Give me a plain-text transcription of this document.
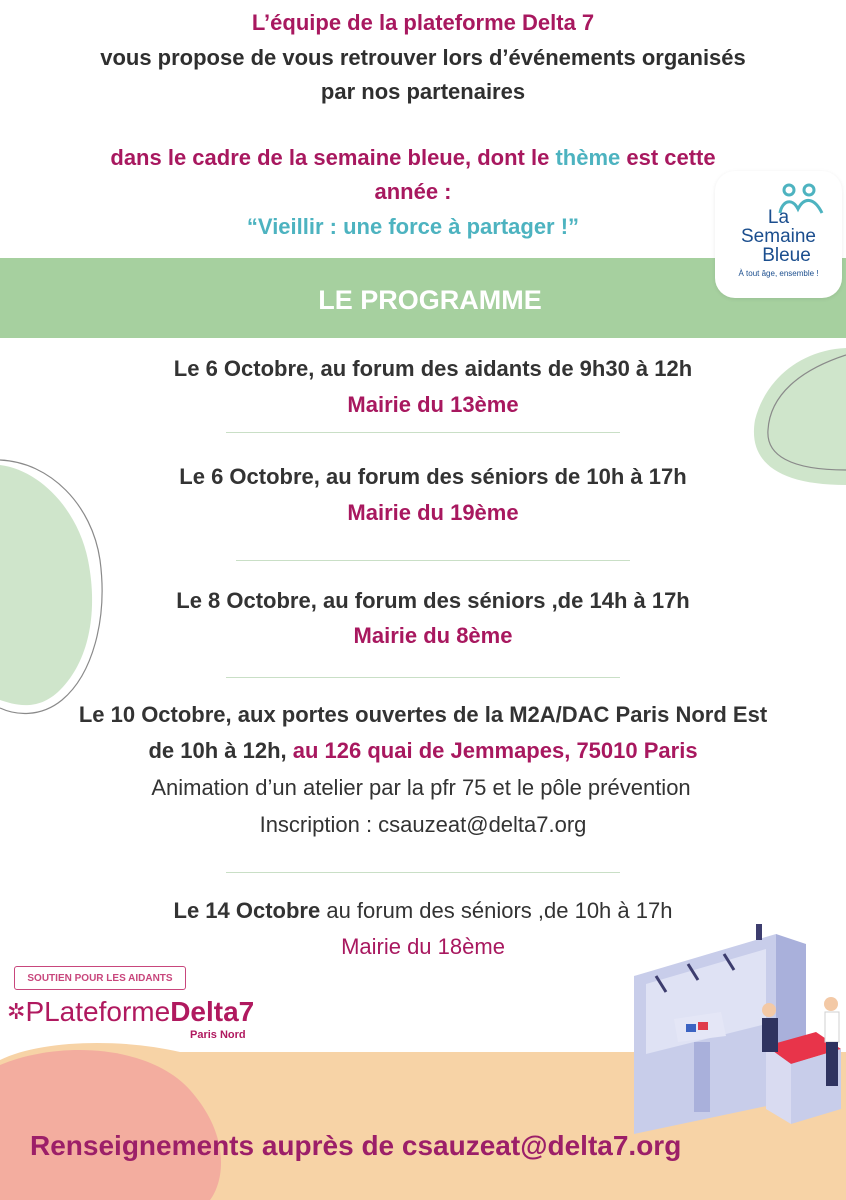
L’équipe de la plateforme Delta 7
vous propose de vous retrouver lors d’événements organisés
par nos partenaires
dans le cadre de la semaine bleue, dont le thème est cette
année :
“Vieillir : une force à partager !”
LE PROGRAMME
La
Semaine
Bleue
À tout âge, ensemble !
Le 6 Octobre, au forum des aidants de 9h30 à 12h
Mairie du 13ème
Le 6 Octobre, au forum des séniors de 10h à 17h
Mairie du 19ème
Le 8 Octobre, au forum des séniors ,de 14h à 17h
Mairie du 8ème
Le 10 Octobre, aux portes ouvertes de la M2A/DAC Paris Nord Est
de 10h à 12h, au 126 quai de Jemmapes, 75010 Paris
Animation d’un atelier par la pfr 75 et le pôle prévention
Inscription : csauzeat@delta7.org
Le 14 Octobre au forum des séniors ,de 10h à 17h
Mairie du 18ème
SOUTIEN POUR LES AIDANTS
✲PLateformeDelta7
Paris Nord
Renseignements auprès de csauzeat@delta7.org
